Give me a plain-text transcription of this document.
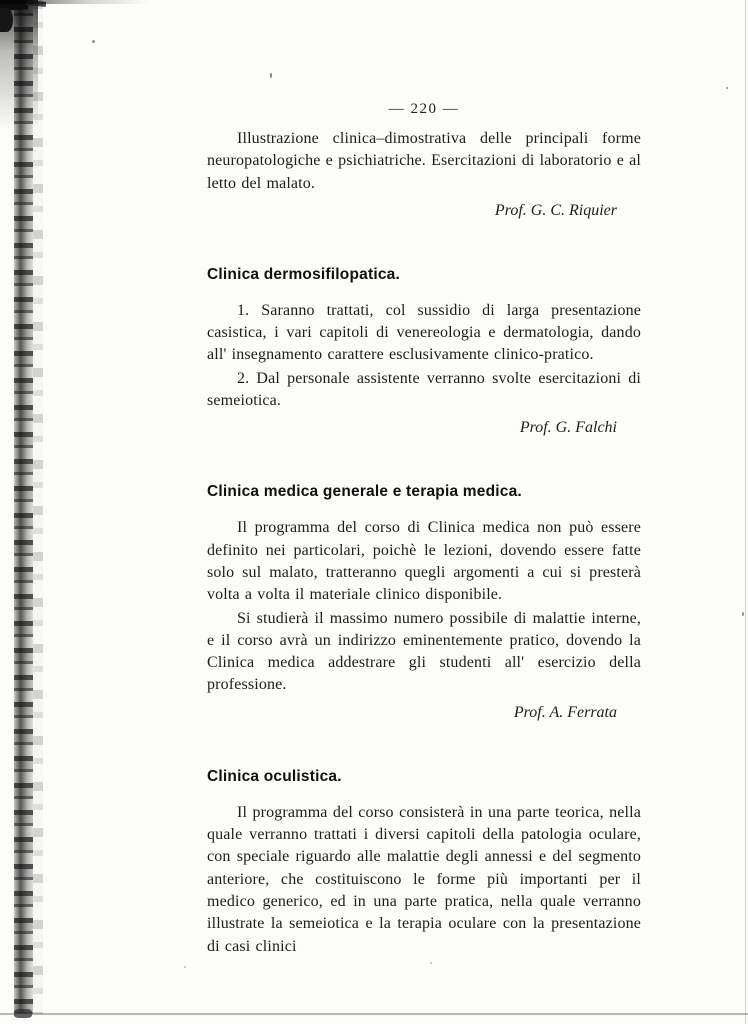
— 220 —

Illustrazione clinica–dimostrativa delle principali forme neuropatologiche e psichiatriche. Esercitazioni di laboratorio e al letto del malato.

Prof. G. C. Riquier

Clinica dermosifilopatica.

1. Saranno trattati, col sussidio di larga presentazione casistica, i vari capitoli di venereologia e dermatologia, dando all' insegnamento carattere esclusivamente clinico-pratico.

2. Dal personale assistente verranno svolte esercitazioni di semeiotica.

Prof. G. Falchi

Clinica medica generale e terapia medica.

Il programma del corso di Clinica medica non può essere definito nei particolari, poichè le lezioni, dovendo essere fatte solo sul malato, tratteranno quegli argomenti a cui si presterà volta a volta il materiale clinico disponibile.

Si studierà il massimo numero possibile di malattie interne, e il corso avrà un indirizzo eminentemente pratico, dovendo la Clinica medica addestrare gli studenti all' esercizio della professione.

Prof. A. Ferrata

Clinica oculistica.

Il programma del corso consisterà in una parte teorica, nella quale verranno trattati i diversi capitoli della patologia oculare, con speciale riguardo alle malattie degli annessi e del segmento anteriore, che costituiscono le forme più importanti per il medico generico, ed in una parte pratica, nella quale verranno illustrate la semeiotica e la terapia oculare con la presentazione di casi clinici
